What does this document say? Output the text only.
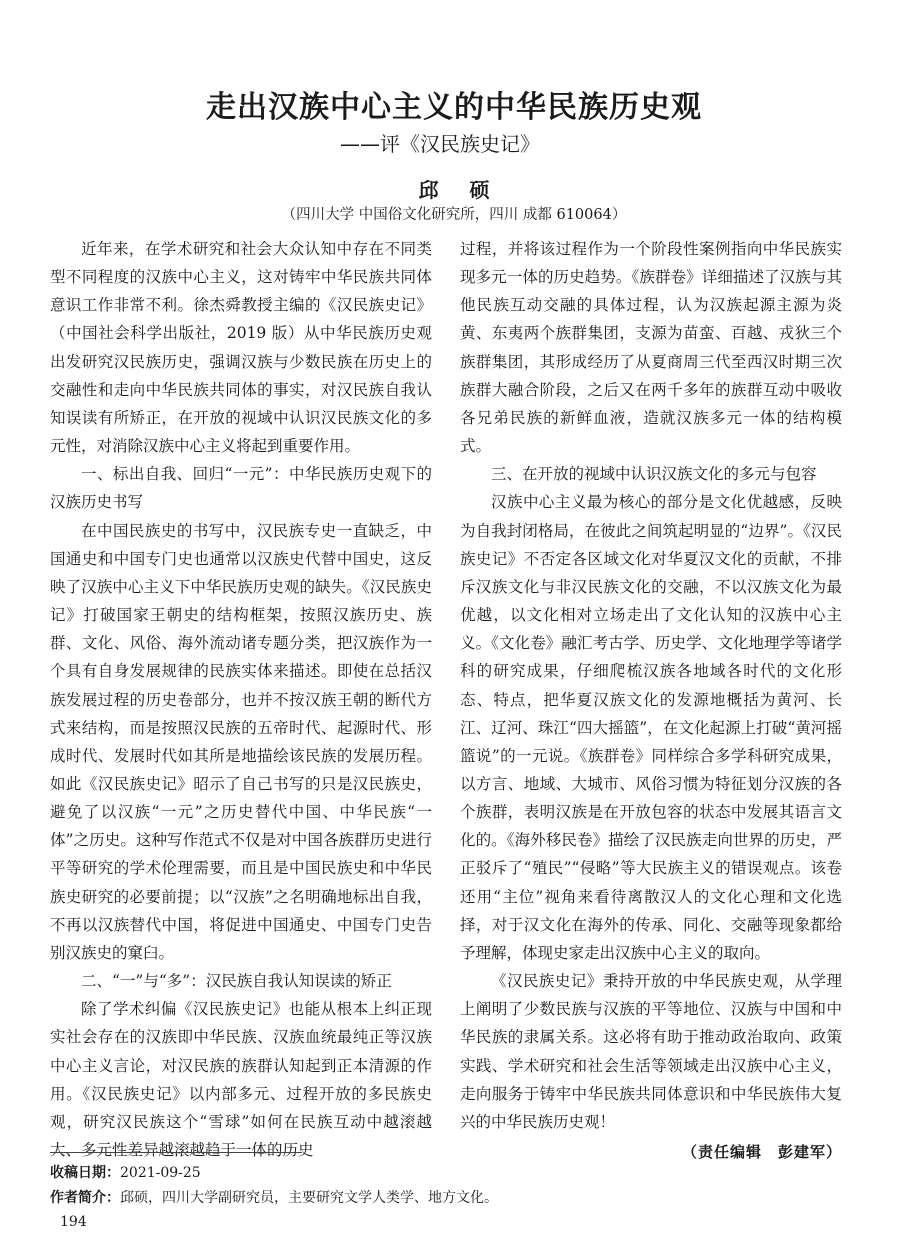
走出汉族中心主义的中华民族历史观
——评《汉民族史记》
邱 硕
（四川大学 中国俗文化研究所，四川 成都 610064）

近年来，在学术研究和社会大众认知中存在不同类型不同程度的汉族中心主义，这对铸牢中华民族共同体意识工作非常不利。徐杰舜教授主编的《汉民族史记》（中国社会科学出版社，2019 版）从中华民族历史观出发研究汉民族历史，强调汉族与少数民族在历史上的交融性和走向中华民族共同体的事实，对汉民族自我认知误读有所矫正，在开放的视域中认识汉民族文化的多元性，对消除汉族中心主义将起到重要作用。

一、标出自我、回归“一元”：中华民族历史观下的汉族历史书写

在中国民族史的书写中，汉民族专史一直缺乏，中国通史和中国专门史也通常以汉族史代替中国史，这反映了汉族中心主义下中华民族历史观的缺失。《汉民族史记》打破国家王朝史的结构框架，按照汉族历史、族群、文化、风俗、海外流动诸专题分类，把汉族作为一个具有自身发展规律的民族实体来描述。即使在总括汉族发展过程的历史卷部分，也并不按汉族王朝的断代方式来结构，而是按照汉民族的五帝时代、起源时代、形成时代、发展时代如其所是地描绘该民族的发展历程。如此《汉民族史记》昭示了自己书写的只是汉民族史，避免了以汉族“一元”之历史替代中国、中华民族“一体”之历史。这种写作范式不仅是对中国各族群历史进行平等研究的学术伦理需要，而且是中国民族史和中华民族史研究的必要前提；以“汉族”之名明确地标出自我，不再以汉族替代中国，将促进中国通史、中国专门史告别汉族史的窠臼。

二、“一”与“多”：汉民族自我认知误读的矫正

除了学术纠偏《汉民族史记》也能从根本上纠正现实社会存在的汉族即中华民族、汉族血统最纯正等汉族中心主义言论，对汉民族的族群认知起到正本清源的作用。《汉民族史记》以内部多元、过程开放的多民族史观，研究汉民族这个“雪球”如何在民族互动中越滚越大、多元性差异越滚越趋于一体的历史

过程，并将该过程作为一个阶段性案例指向中华民族实现多元一体的历史趋势。《族群卷》详细描述了汉族与其他民族互动交融的具体过程，认为汉族起源主源为炎黄、东夷两个族群集团，支源为苗蛮、百越、戎狄三个族群集团，其形成经历了从夏商周三代至西汉时期三次族群大融合阶段，之后又在两千多年的族群互动中吸收各兄弟民族的新鲜血液，造就汉族多元一体的结构模式。

三、在开放的视域中认识汉族文化的多元与包容

汉族中心主义最为核心的部分是文化优越感，反映为自我封闭格局，在彼此之间筑起明显的“边界”。《汉民族史记》不否定各区域文化对华夏汉文化的贡献，不排斥汉族文化与非汉民族文化的交融，不以汉族文化为最优越，以文化相对立场走出了文化认知的汉族中心主义。《文化卷》融汇考古学、历史学、文化地理学等诸学科的研究成果，仔细爬梳汉族各地域各时代的文化形态、特点，把华夏汉族文化的发源地概括为黄河、长江、辽河、珠江“四大摇篮”，在文化起源上打破“黄河摇篮说”的一元说。《族群卷》同样综合多学科研究成果，以方言、地域、大城市、风俗习惯为特征划分汉族的各个族群，表明汉族是在开放包容的状态中发展其语言文化的。《海外移民卷》描绘了汉民族走向世界的历史，严正驳斥了“殖民”“侵略”等大民族主义的错误观点。该卷还用“主位”视角来看待离散汉人的文化心理和文化选择，对于汉文化在海外的传承、同化、交融等现象都给予理解，体现史家走出汉族中心主义的取向。

《汉民族史记》秉持开放的中华民族史观，从学理上阐明了少数民族与汉族的平等地位、汉族与中国和中华民族的隶属关系。这必将有助于推动政治取向、政策实践、学术研究和社会生活等领域走出汉族中心主义，走向服务于铸牢中华民族共同体意识和中华民族伟大复兴的中华民族历史观！

（责任编辑　彭建军）
收稿日期：2021-09-25
作者简介：邱硕，四川大学副研究员，主要研究文学人类学、地方文化。
194
